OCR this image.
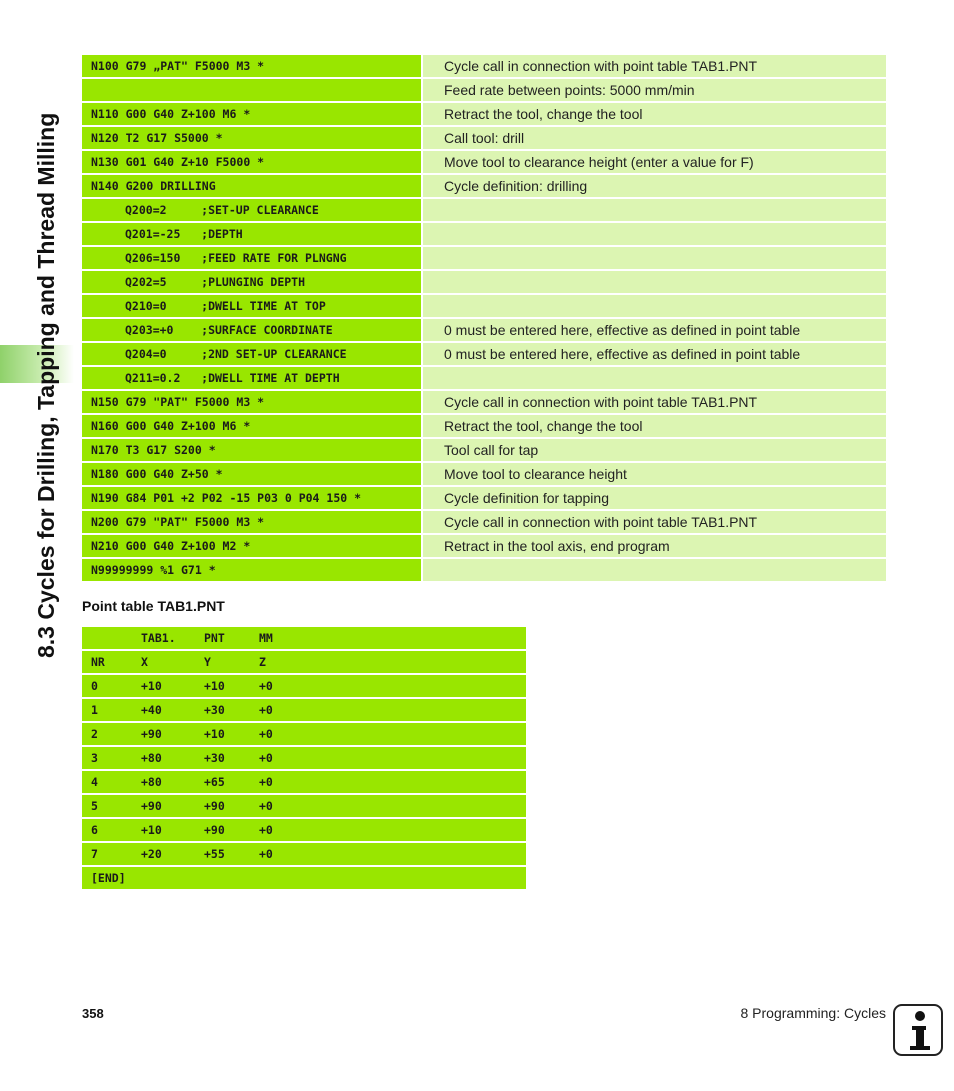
8.3 Cycles for Drilling, Tapping and Thread Milling
N100 G79 „PAT" F5000 M3 *	Cycle call in connection with point table TAB1.PNT
	Feed rate between points: 5000 mm/min
N110 G00 G40 Z+100 M6 *	Retract the tool, change the tool
N120 T2 G17 S5000 *	Call tool: drill
N130 G01 G40 Z+10 F5000 *	Move tool to clearance height (enter a value for F)
N140 G200 DRILLING	Cycle definition: drilling
Q200=2     ;SET-UP CLEARANCE	
Q201=-25   ;DEPTH	
Q206=150   ;FEED RATE FOR PLNGNG	
Q202=5     ;PLUNGING DEPTH	
Q210=0     ;DWELL TIME AT TOP	
Q203=+0    ;SURFACE COORDINATE	0 must be entered here, effective as defined in point table
Q204=0     ;2ND SET-UP CLEARANCE	0 must be entered here, effective as defined in point table
Q211=0.2   ;DWELL TIME AT DEPTH	
N150 G79 "PAT" F5000 M3 *	Cycle call in connection with point table TAB1.PNT
N160 G00 G40 Z+100 M6 *	Retract the tool, change the tool
N170 T3 G17 S200 *	Tool call for tap
N180 G00 G40 Z+50 *	Move tool to clearance height
N190 G84 P01 +2 P02 -15 P03 0 P04 150 *	Cycle definition for tapping
N200 G79 "PAT" F5000 M3 *	Cycle call in connection with point table TAB1.PNT
N210 G00 G40 Z+100 M2 *	Retract in the tool axis, end program
N99999999 %1 G71 *	
Point table TAB1.PNT
	TAB1.	PNT	MM
NR	X	Y	Z
0	+10	+10	+0
1	+40	+30	+0
2	+90	+10	+0
3	+80	+30	+0
4	+80	+65	+0
5	+90	+90	+0
6	+10	+90	+0
7	+20	+55	+0
[END]			
358	8 Programming: Cycles
